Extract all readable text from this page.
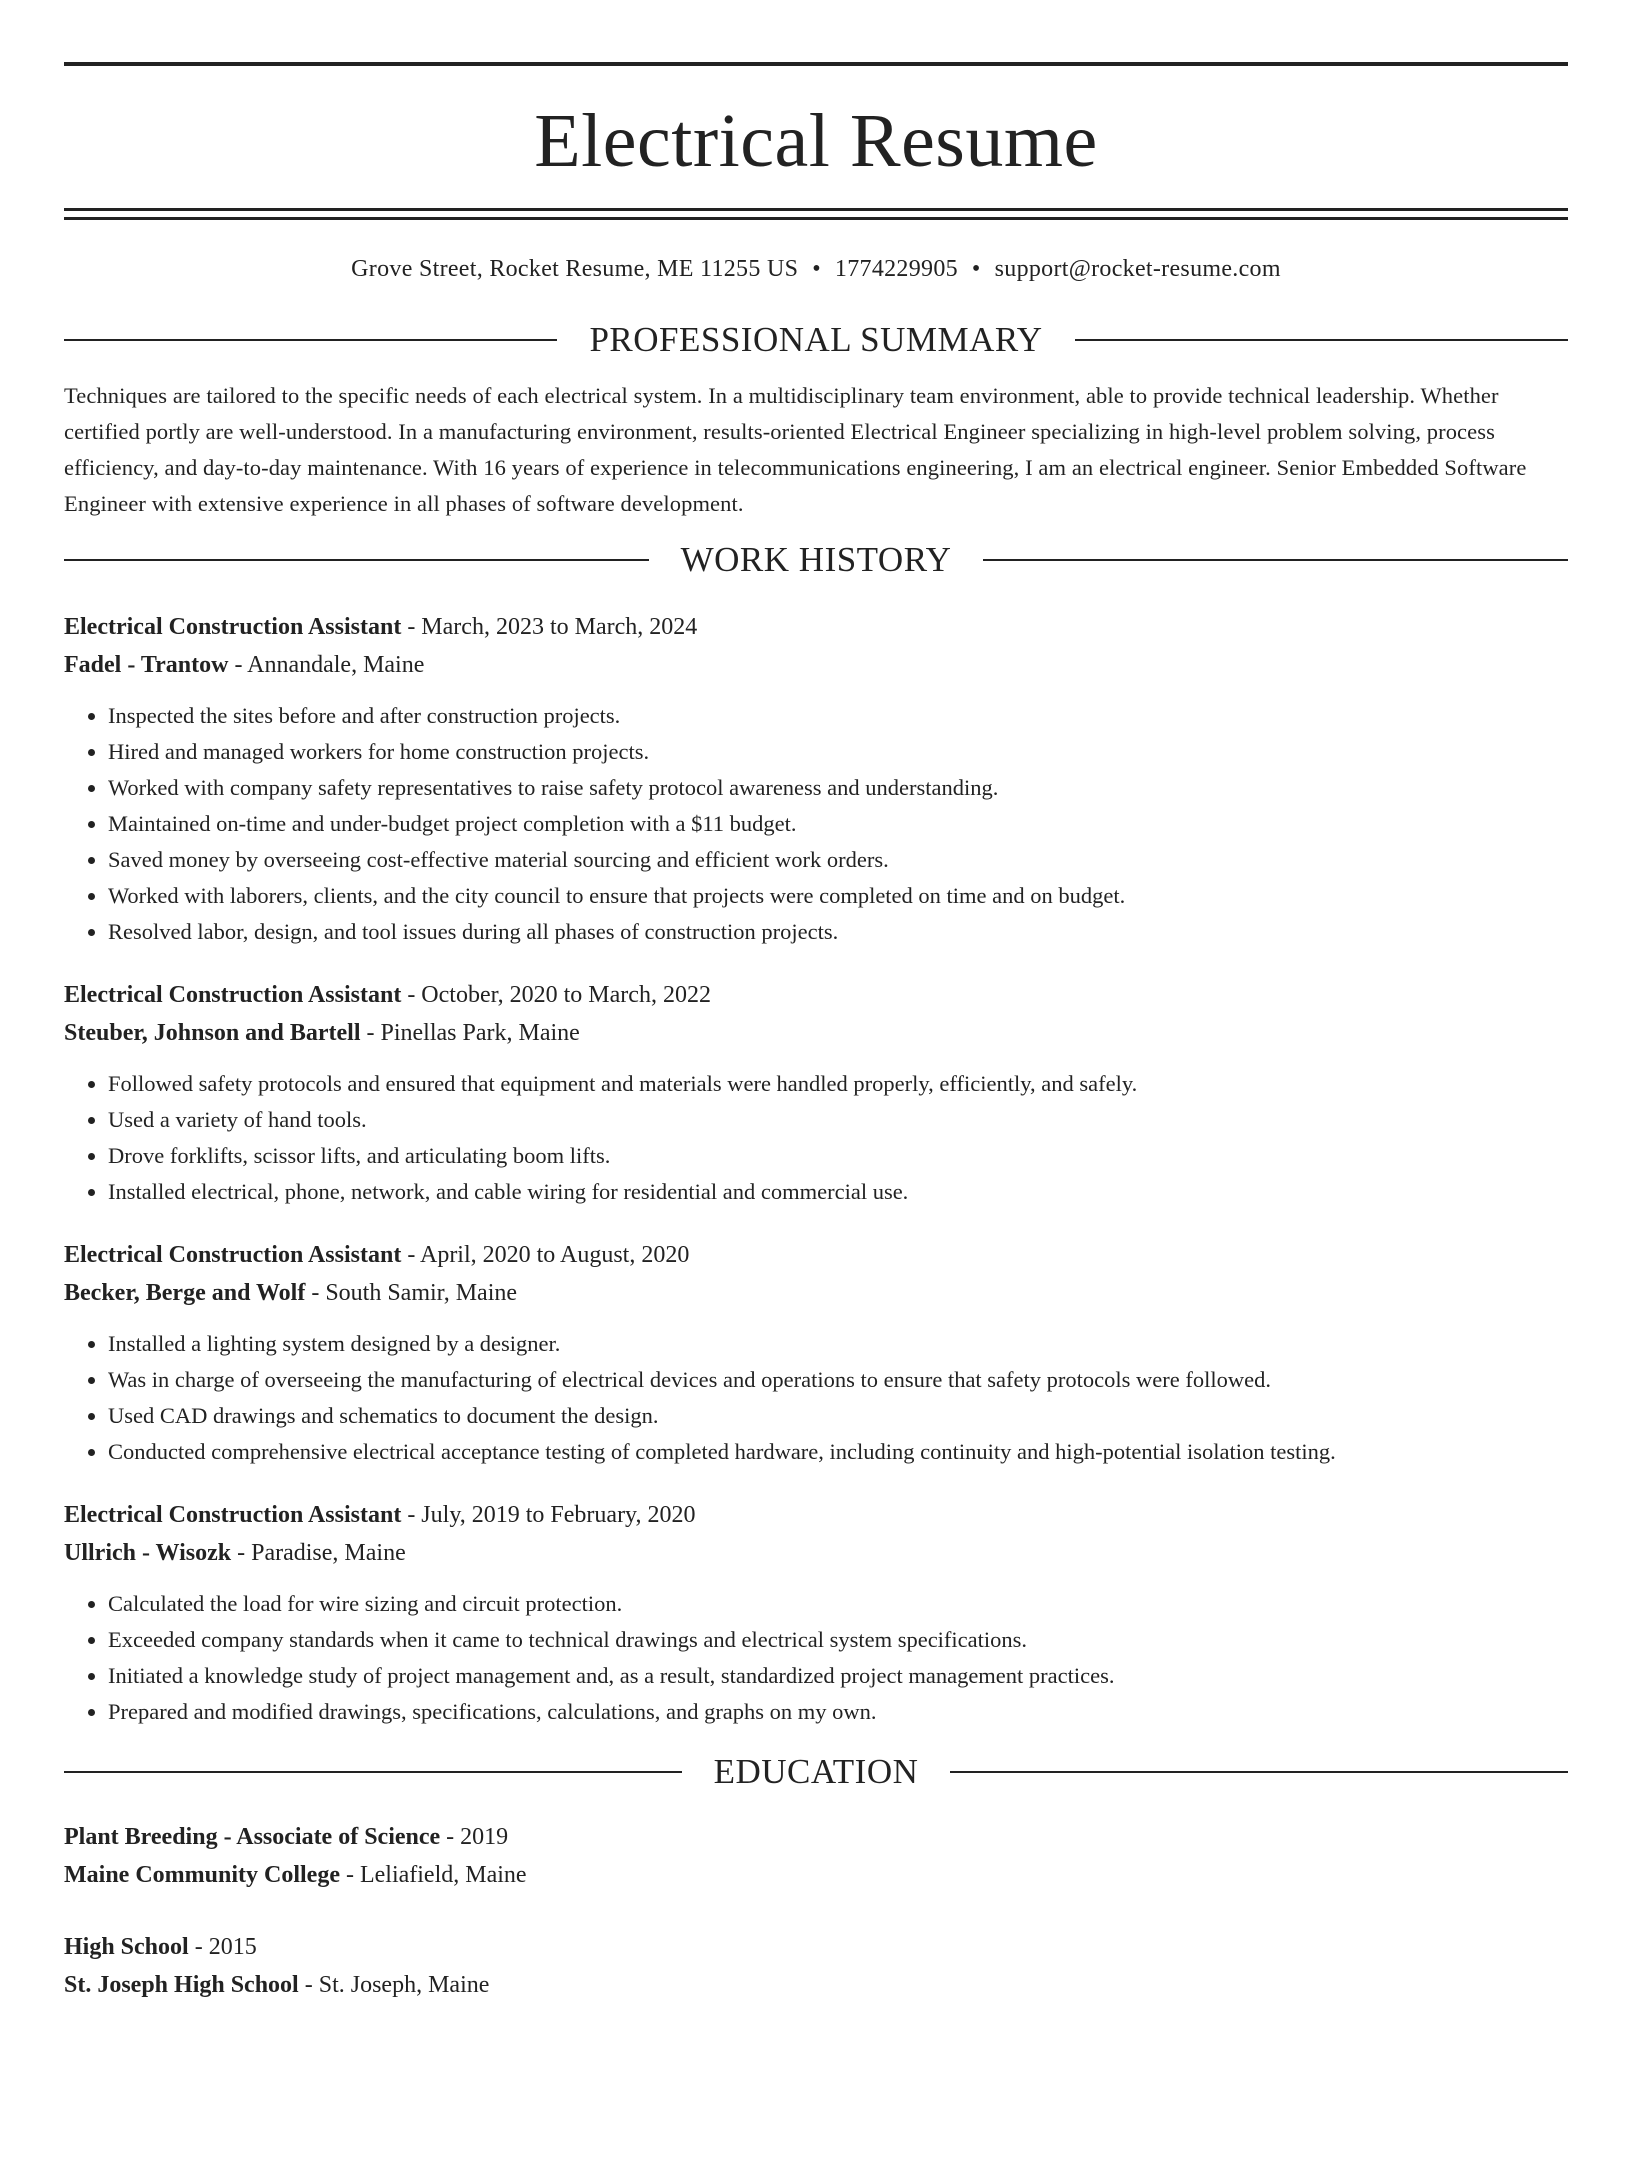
Electrical Resume
Grove Street, Rocket Resume, ME 11255 US • 1774229905 • support@rocket-resume.com
PROFESSIONAL SUMMARY
Techniques are tailored to the specific needs of each electrical system. In a multidisciplinary team environment, able to provide technical leadership. Whether certified portly are well-understood. In a manufacturing environment, results-oriented Electrical Engineer specializing in high-level problem solving, process efficiency, and day-to-day maintenance. With 16 years of experience in telecommunications engineering, I am an electrical engineer. Senior Embedded Software Engineer with extensive experience in all phases of software development.
WORK HISTORY
Electrical Construction Assistant - March, 2023 to March, 2024
Fadel - Trantow - Annandale, Maine
• Inspected the sites before and after construction projects.
• Hired and managed workers for home construction projects.
• Worked with company safety representatives to raise safety protocol awareness and understanding.
• Maintained on-time and under-budget project completion with a $11 budget.
• Saved money by overseeing cost-effective material sourcing and efficient work orders.
• Worked with laborers, clients, and the city council to ensure that projects were completed on time and on budget.
• Resolved labor, design, and tool issues during all phases of construction projects.
Electrical Construction Assistant - October, 2020 to March, 2022
Steuber, Johnson and Bartell - Pinellas Park, Maine
• Followed safety protocols and ensured that equipment and materials were handled properly, efficiently, and safely.
• Used a variety of hand tools.
• Drove forklifts, scissor lifts, and articulating boom lifts.
• Installed electrical, phone, network, and cable wiring for residential and commercial use.
Electrical Construction Assistant - April, 2020 to August, 2020
Becker, Berge and Wolf - South Samir, Maine
• Installed a lighting system designed by a designer.
• Was in charge of overseeing the manufacturing of electrical devices and operations to ensure that safety protocols were followed.
• Used CAD drawings and schematics to document the design.
• Conducted comprehensive electrical acceptance testing of completed hardware, including continuity and high-potential isolation testing.
Electrical Construction Assistant - July, 2019 to February, 2020
Ullrich - Wisozk - Paradise, Maine
• Calculated the load for wire sizing and circuit protection.
• Exceeded company standards when it came to technical drawings and electrical system specifications.
• Initiated a knowledge study of project management and, as a result, standardized project management practices.
• Prepared and modified drawings, specifications, calculations, and graphs on my own.
EDUCATION
Plant Breeding - Associate of Science - 2019
Maine Community College - Leliafield, Maine
High School - 2015
St. Joseph High School - St. Joseph, Maine
